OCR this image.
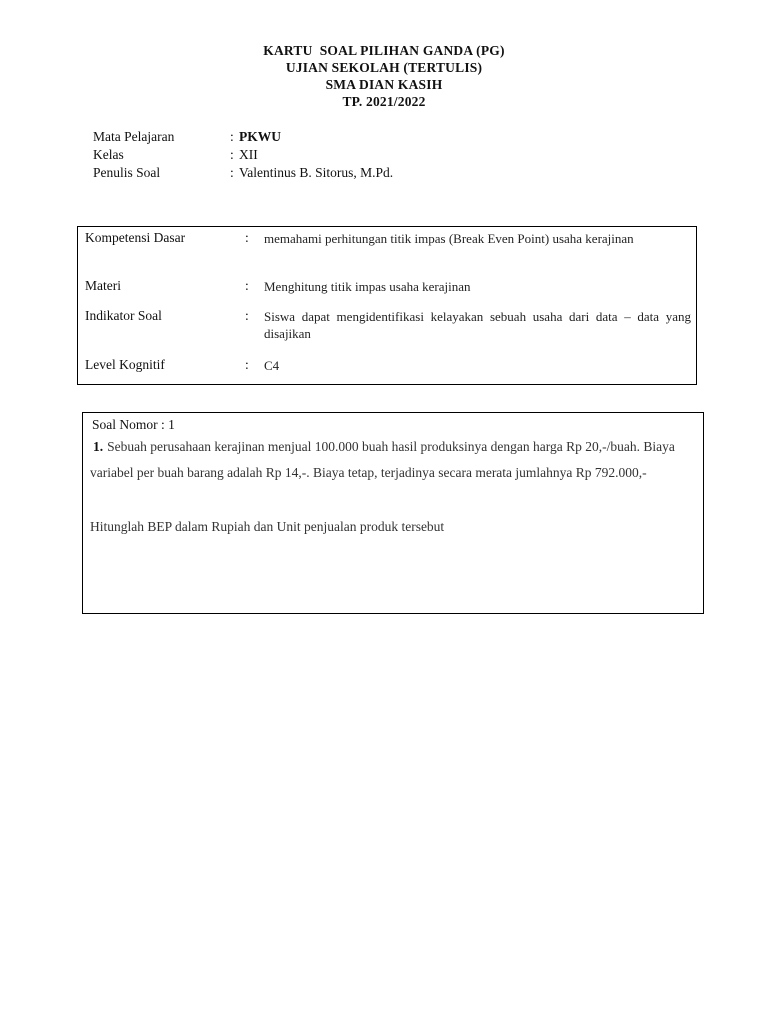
KARTU  SOAL PILIHAN GANDA (PG)
UJIAN SEKOLAH (TERTULIS)
SMA DIAN KASIH
TP. 2021/2022
Mata Pelajaran	: PKWU
Kelas	: XII
Penulis Soal	: Valentinus B. Sitorus, M.Pd.
Kompetensi Dasar	:	memahami perhitungan titik impas (Break Even Point) usaha kerajinan
Materi	:	Menghitung titik impas usaha kerajinan
Indikator Soal	:	Siswa dapat mengidentifikasi kelayakan sebuah usaha dari data – data yang disajikan
Level Kognitif	:	C4
Soal Nomor : 1
1. Sebuah perusahaan kerajinan menjual 100.000 buah hasil produksinya dengan harga Rp 20,-/buah. Biaya variabel per buah barang adalah Rp 14,-. Biaya tetap, terjadinya secara merata jumlahnya Rp 792.000,-
Hitunglah BEP dalam Rupiah dan Unit penjualan produk tersebut
